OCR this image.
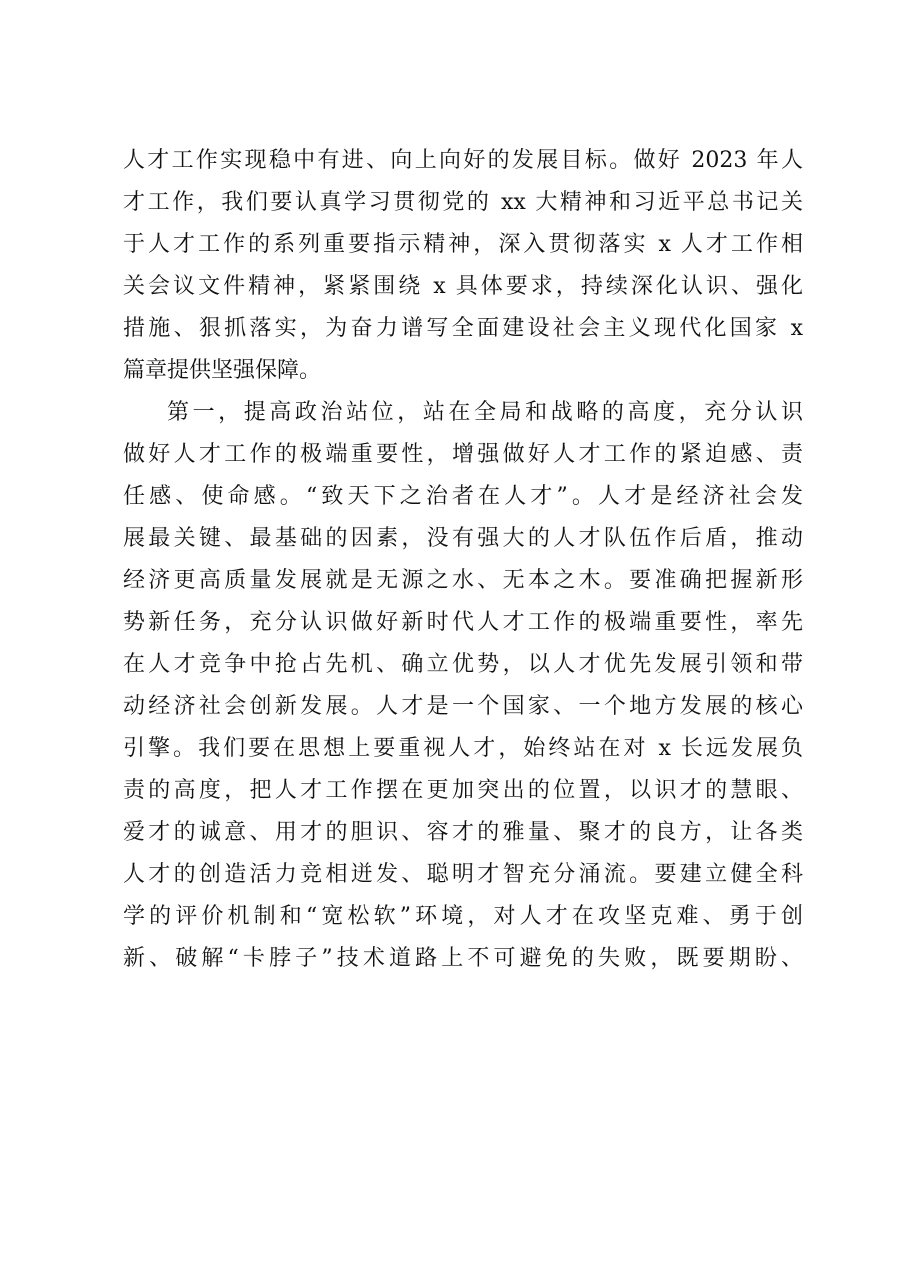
人才工作实现稳中有进、向上向好的发展目标。做好 2023 年人
才工作，我们要认真学习贯彻党的 xx 大精神和习近平总书记关
于人才工作的系列重要指示精神，深入贯彻落实 x 人才工作相
关会议文件精神，紧紧围绕 x 具体要求，持续深化认识、强化
措施、狠抓落实，为奋力谱写全面建设社会主义现代化国家 x
篇章提供坚强保障。
第一，提高政治站位，站在全局和战略的高度，充分认识
做好人才工作的极端重要性，增强做好人才工作的紧迫感、责
任感、使命感。“致天下之治者在人才”。人才是经济社会发
展最关键、最基础的因素，没有强大的人才队伍作后盾，推动
经济更高质量发展就是无源之水、无本之木。要准确把握新形
势新任务，充分认识做好新时代人才工作的极端重要性，率先
在人才竞争中抢占先机、确立优势，以人才优先发展引领和带
动经济社会创新发展。人才是一个国家、一个地方发展的核心
引擎。我们要在思想上要重视人才，始终站在对 x 长远发展负
责的高度，把人才工作摆在更加突出的位置，以识才的慧眼、
爱才的诚意、用才的胆识、容才的雅量、聚才的良方，让各类
人才的创造活力竞相迸发、聪明才智充分涌流。要建立健全科
学的评价机制和“宽松软”环境，对人才在攻坚克难、勇于创
新、破解“卡脖子”技术道路上不可避免的失败，既要期盼、
